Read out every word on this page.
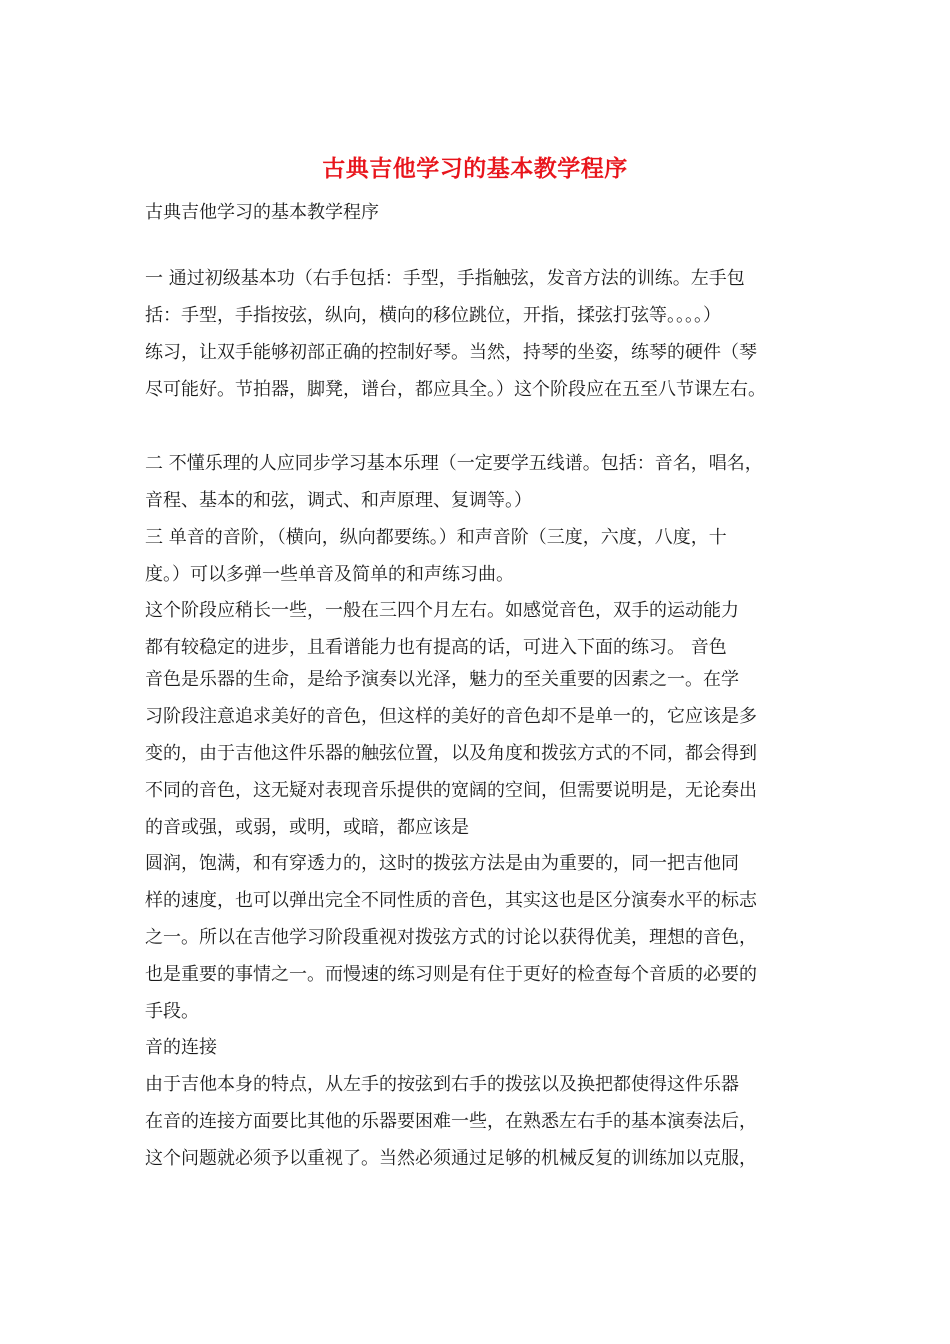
古典吉他学习的基本教学程序

古典吉他学习的基本教学程序

一 通过初级基本功（右手包括：手型，手指触弦，发音方法的训练。左手包

括：手型，手指按弦，纵向，横向的移位跳位，开指，揉弦打弦等。。。。）

练习，让双手能够初部正确的控制好琴。当然，持琴的坐姿，练琴的硬件（琴

尽可能好。节拍器，脚凳，谱台，都应具全。）这个阶段应在五至八节课左右。

二 不懂乐理的人应同步学习基本乐理（一定要学五线谱。包括：音名，唱名，

音程、基本的和弦，调式、和声原理、复调等。）

三 单音的音阶，（横向，纵向都要练。）和声音阶（三度，六度，八度，十

度。）可以多弹一些单音及简单的和声练习曲。

这个阶段应稍长一些，一般在三四个月左右。如感觉音色，双手的运动能力

都有较稳定的进步，且看谱能力也有提高的话，可进入下面的练习。 音色

音色是乐器的生命，是给予演奏以光泽，魅力的至关重要的因素之一。在学

习阶段注意追求美好的音色，但这样的美好的音色却不是单一的，它应该是多

变的，由于吉他这件乐器的触弦位置，以及角度和拨弦方式的不同，都会得到

不同的音色，这无疑对表现音乐提供的宽阔的空间，但需要说明是，无论奏出

的音或强，或弱，或明，或暗，都应该是

圆润，饱满，和有穿透力的，这时的拨弦方法是由为重要的，同一把吉他同

样的速度，也可以弹出完全不同性质的音色，其实这也是区分演奏水平的标志

之一。所以在吉他学习阶段重视对拨弦方式的讨论以获得优美，理想的音色，

也是重要的事情之一。而慢速的练习则是有住于更好的检查每个音质的必要的

手段。

音的连接

由于吉他本身的特点，从左手的按弦到右手的拨弦以及换把都使得这件乐器

在音的连接方面要比其他的乐器要困难一些，在熟悉左右手的基本演奏法后，

这个问题就必须予以重视了。当然必须通过足够的机械反复的训练加以克服，
